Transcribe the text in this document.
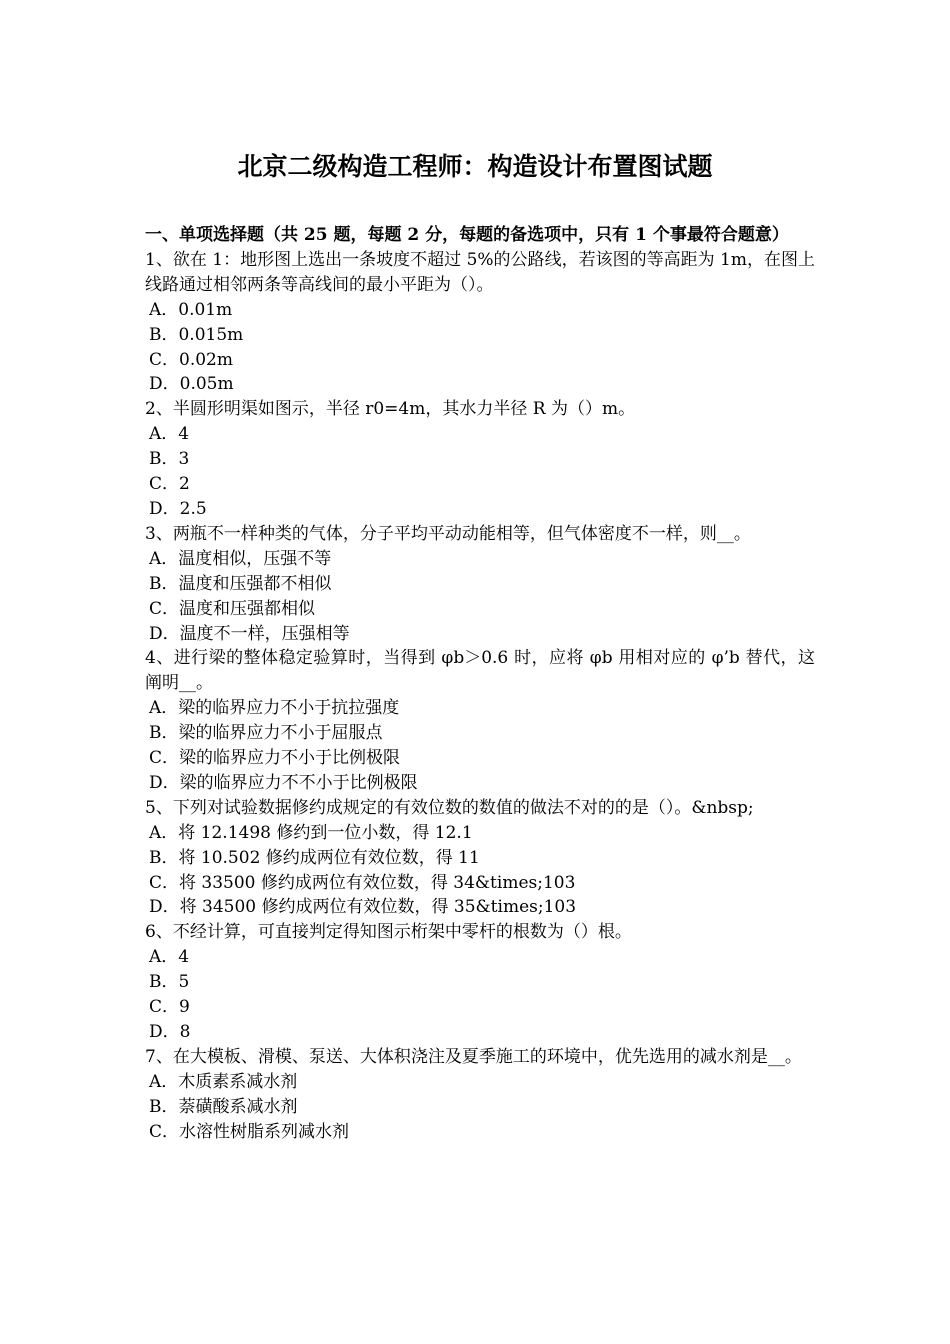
北京二级构造工程师：构造设计布置图试题

一、单项选择题（共 25 题，每题 2 分，每题的备选项中，只有 1 个事最符合题意）

1、欲在 1：地形图上选出一条坡度不超过 5%的公路线，若该图的等高距为 1m，在图上线路通过相邻两条等高线间的最小平距为（）。

A．0.01m

B．0.015m

C．0.02m

D．0.05m

2、半圆形明渠如图示，半径 r0=4m，其水力半径 R 为（）m。

A．4

B．3

C．2

D．2.5

3、两瓶不一样种类的气体，分子平均平动动能相等，但气体密度不一样，则__。

A．温度相似，压强不等

B．温度和压强都不相似

C．温度和压强都相似

D．温度不一样，压强相等

4、进行梁的整体稳定验算时，当得到 φb＞0.6 时，应将 φb 用相对应的 φ’b 替代，这阐明__。

A．梁的临界应力不小于抗拉强度

B．梁的临界应力不小于屈服点

C．梁的临界应力不小于比例极限

D．梁的临界应力不不小于比例极限

5、下列对试验数据修约成规定的有效位数的数值的做法不对的的是（）。&nbsp;

A．将 12.1498 修约到一位小数，得 12.1

B．将 10.502 修约成两位有效位数，得 11

C．将 33500 修约成两位有效位数，得 34&times;103

D．将 34500 修约成两位有效位数，得 35&times;103

6、不经计算，可直接判定得知图示桁架中零杆的根数为（）根。

A．4

B．5

C．9

D．8

7、在大模板、滑模、泵送、大体积浇注及夏季施工的环境中，优先选用的减水剂是__。

A．木质素系减水剂

B．萘磺酸系减水剂

C．水溶性树脂系列减水剂
